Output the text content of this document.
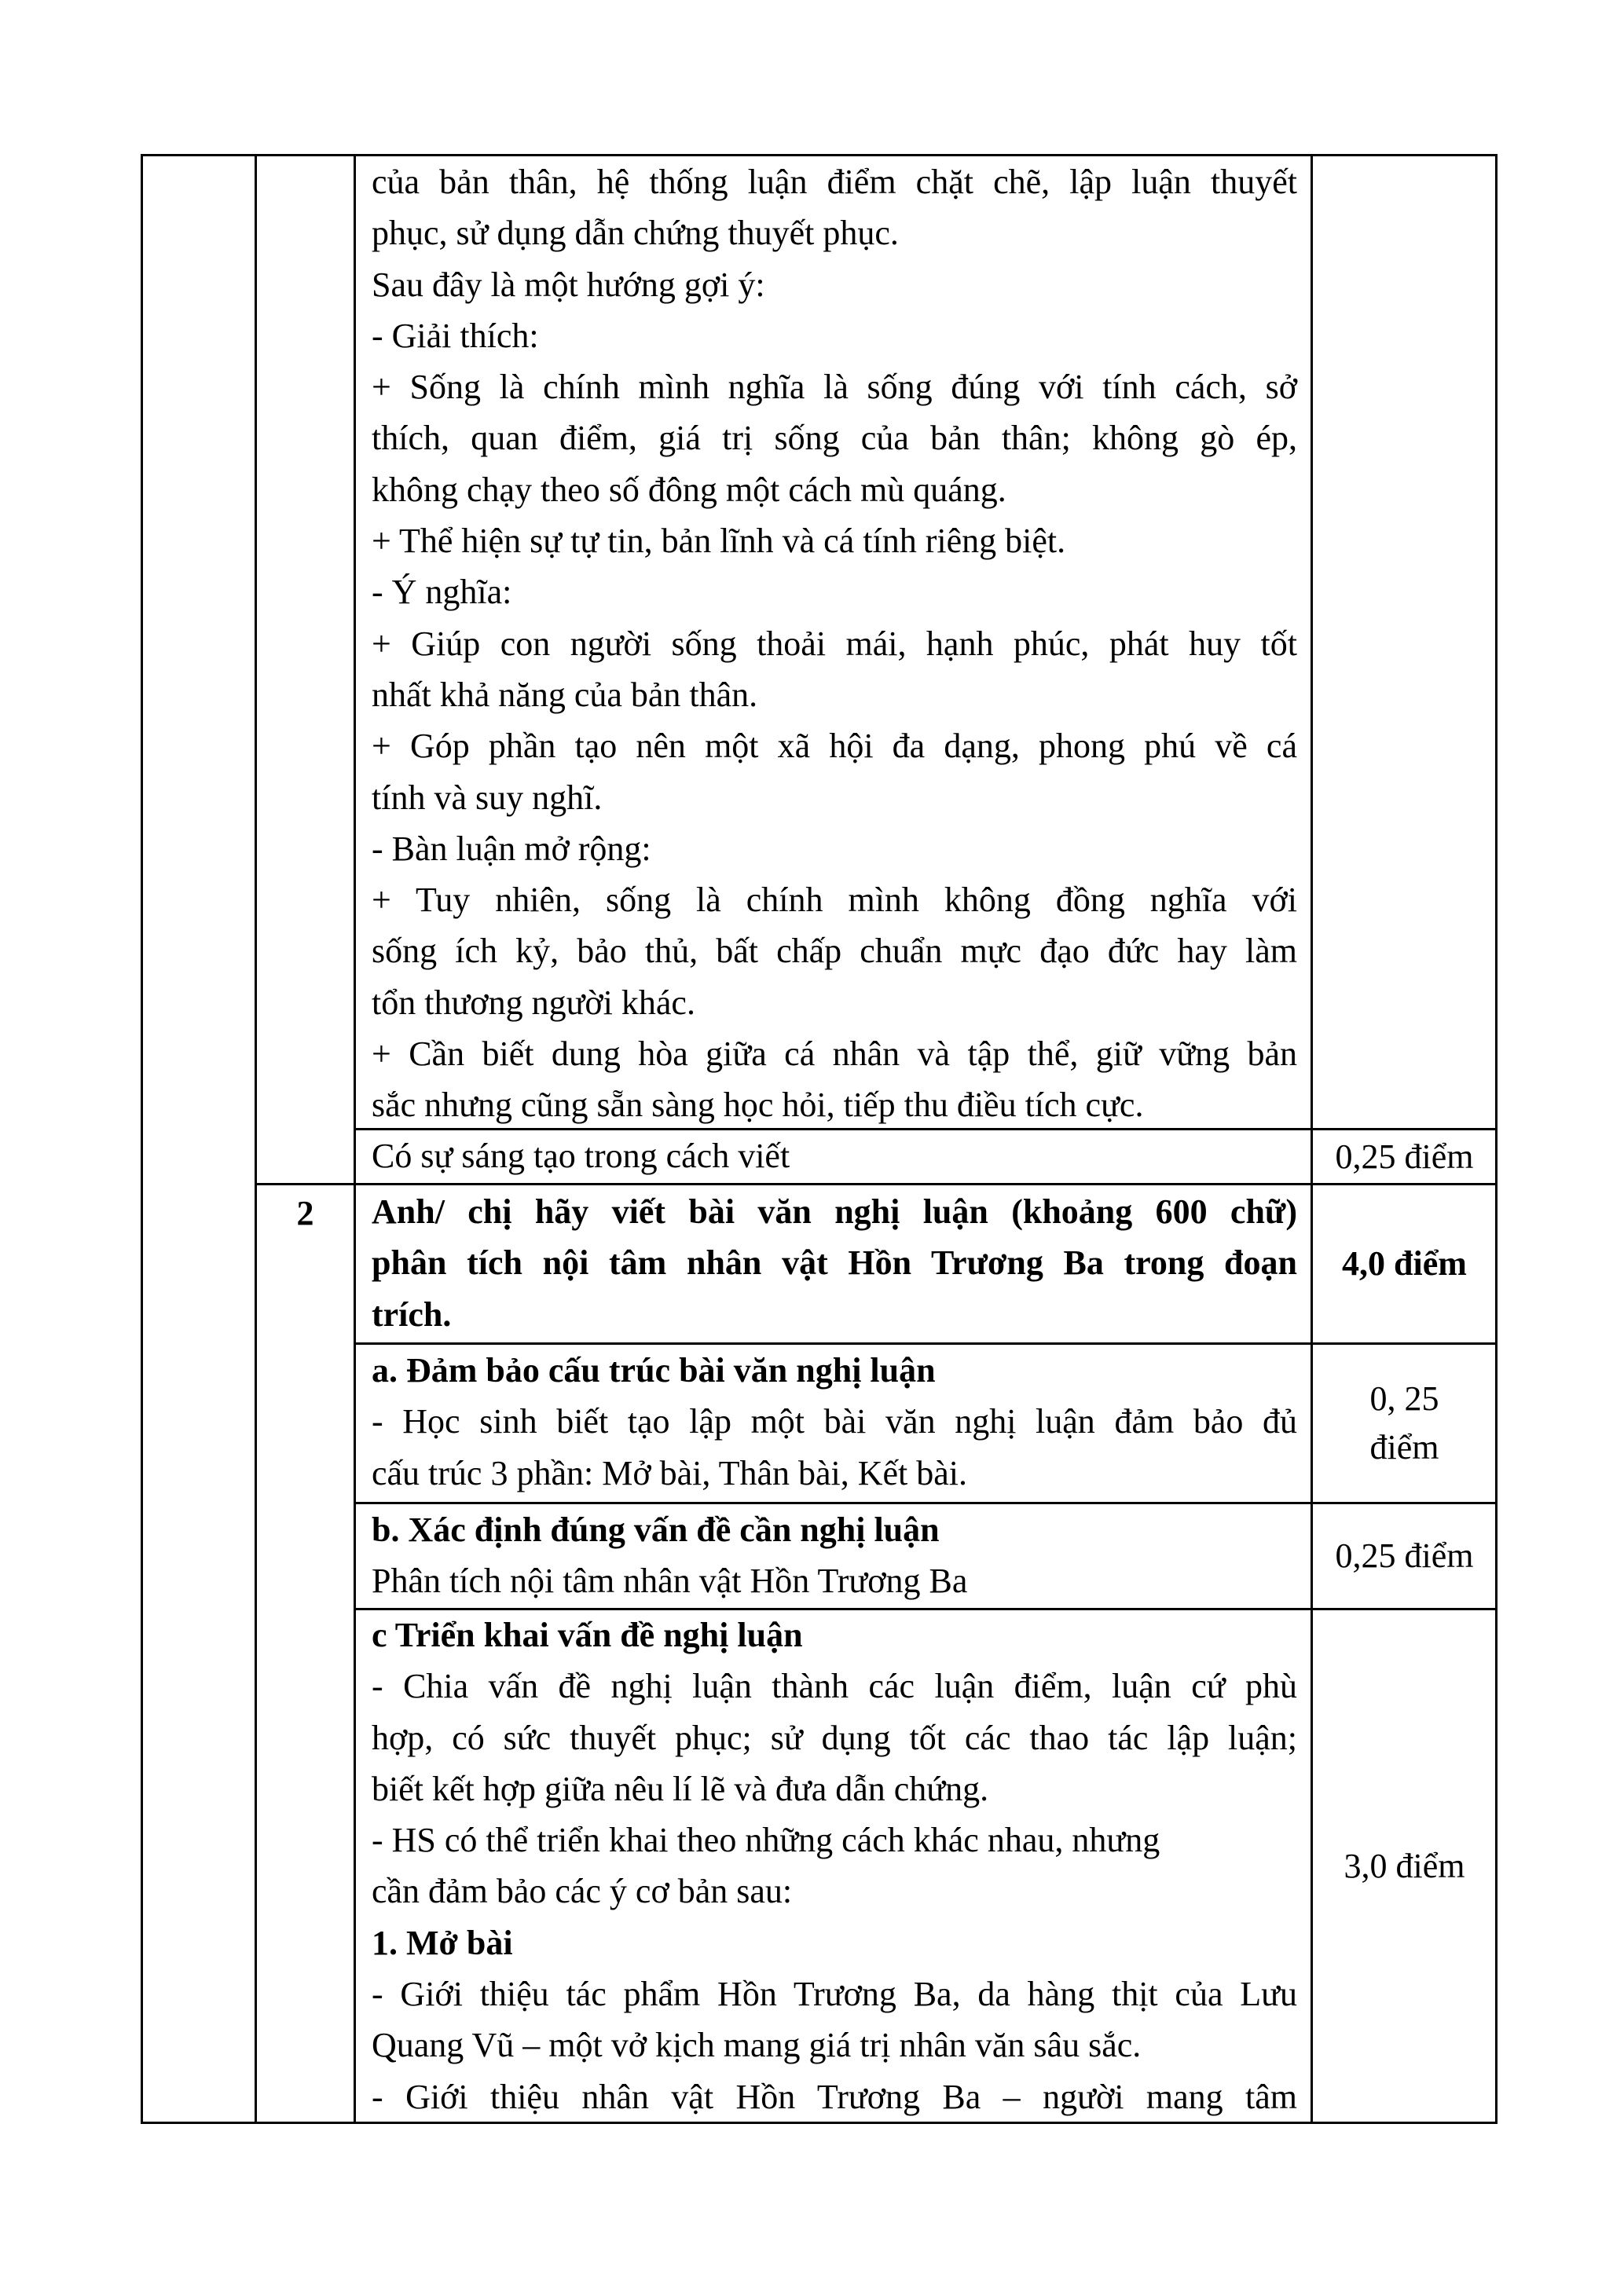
của bản thân, hệ thống luận điểm chặt chẽ, lập luận thuyết
phục, sử dụng dẫn chứng thuyết phục.
Sau đây là một hướng gợi ý:
- Giải thích:
+ Sống là chính mình nghĩa là sống đúng với tính cách, sở
thích, quan điểm, giá trị sống của bản thân; không gò ép,
không chạy theo số đông một cách mù quáng.
+ Thể hiện sự tự tin, bản lĩnh và cá tính riêng biệt.
- Ý nghĩa:
+ Giúp con người sống thoải mái, hạnh phúc, phát huy tốt
nhất khả năng của bản thân.
+ Góp phần tạo nên một xã hội đa dạng, phong phú về cá
tính và suy nghĩ.
- Bàn luận mở rộng:
+ Tuy nhiên, sống là chính mình không đồng nghĩa với
sống ích kỷ, bảo thủ, bất chấp chuẩn mực đạo đức hay làm
tổn thương người khác.
+ Cần biết dung hòa giữa cá nhân và tập thể, giữ vững bản
sắc nhưng cũng sẵn sàng học hỏi, tiếp thu điều tích cực.
Có sự sáng tạo trong cách viết	0,25 điểm
2	Anh/ chị hãy viết bài văn nghị luận (khoảng 600 chữ)
phân tích nội tâm nhân vật Hồn Trương Ba trong đoạn
trích.
4,0 điểm
a. Đảm bảo cấu trúc bài văn nghị luận
- Học sinh biết tạo lập một bài văn nghị luận đảm bảo đủ
cấu trúc 3 phần: Mở bài, Thân bài, Kết bài.
0, 25
điểm
b. Xác định đúng vấn đề cần nghị luận
Phân tích nội tâm nhân vật Hồn Trương Ba
0,25 điểm
c Triển khai vấn đề nghị luận
- Chia vấn đề nghị luận thành các luận điểm, luận cứ phù
hợp, có sức thuyết phục; sử dụng tốt các thao tác lập luận;
biết kết hợp giữa nêu lí lẽ và đưa dẫn chứng.
- HS có thể triển khai theo những cách khác nhau, nhưng
cần đảm bảo các ý cơ bản sau:
1. Mở bài
- Giới thiệu tác phẩm Hồn Trương Ba, da hàng thịt của Lưu
Quang Vũ – một vở kịch mang giá trị nhân văn sâu sắc.
- Giới thiệu nhân vật Hồn Trương Ba – người mang tâm
3,0 điểm
